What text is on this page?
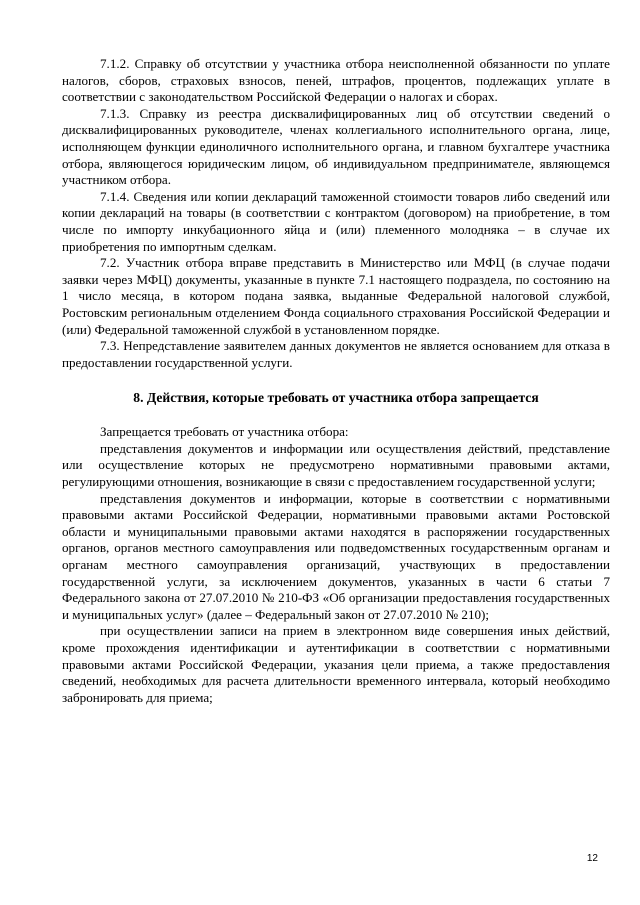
7.1.2. Справку об отсутствии у участника отбора неисполненной обязанности по уплате налогов, сборов, страховых взносов, пеней, штрафов, процентов, подлежащих уплате в соответствии с законодательством Российской Федерации о налогах и сборах.

7.1.3. Справку из реестра дисквалифицированных лиц об отсутствии сведений о дисквалифицированных руководителе, членах коллегиального исполнительного органа, лице, исполняющем функции единоличного исполнительного органа, и главном бухгалтере участника отбора, являющегося юридическим лицом, об индивидуальном предпринимателе, являющемся участником отбора.

7.1.4. Сведения или копии деклараций таможенной стоимости товаров либо сведений или копии деклараций на товары (в соответствии с контрактом (договором) на приобретение, в том числе по импорту инкубационного яйца и (или) племенного молодняка – в случае их приобретения по импортным сделкам.

7.2. Участник отбора вправе представить в Министерство или МФЦ (в случае подачи заявки через МФЦ) документы, указанные в пункте 7.1 настоящего подраздела, по состоянию на 1 число месяца, в котором подана заявка, выданные Федеральной налоговой службой, Ростовским региональным отделением Фонда социального страхования Российской Федерации и (или) Федеральной таможенной службой в установленном порядке.

7.3. Непредставление заявителем данных документов не является основанием для отказа в предоставлении государственной услуги.

8. Действия, которые требовать от участника отбора запрещается

Запрещается требовать от участника отбора:

представления документов и информации или осуществления действий, представление или осуществление которых не предусмотрено нормативными правовыми актами, регулирующими отношения, возникающие в связи с предоставлением государственной услуги;

представления документов и информации, которые в соответствии с нормативными правовыми актами Российской Федерации, нормативными правовыми актами Ростовской области и муниципальными правовыми актами находятся в распоряжении государственных органов, органов местного самоуправления или подведомственных государственным органам и органам местного самоуправления организаций, участвующих в предоставлении государственной услуги, за исключением документов, указанных в части 6 статьи 7 Федерального закона от 27.07.2010 № 210-ФЗ «Об организации предоставления государственных и муниципальных услуг» (далее – Федеральный закон от 27.07.2010 № 210);

при осуществлении записи на прием в электронном виде совершения иных действий, кроме прохождения идентификации и аутентификации в соответствии с нормативными правовыми актами Российской Федерации, указания цели приема, а также предоставления сведений, необходимых для расчета длительности временного интервала, который необходимо забронировать для приема;

12
